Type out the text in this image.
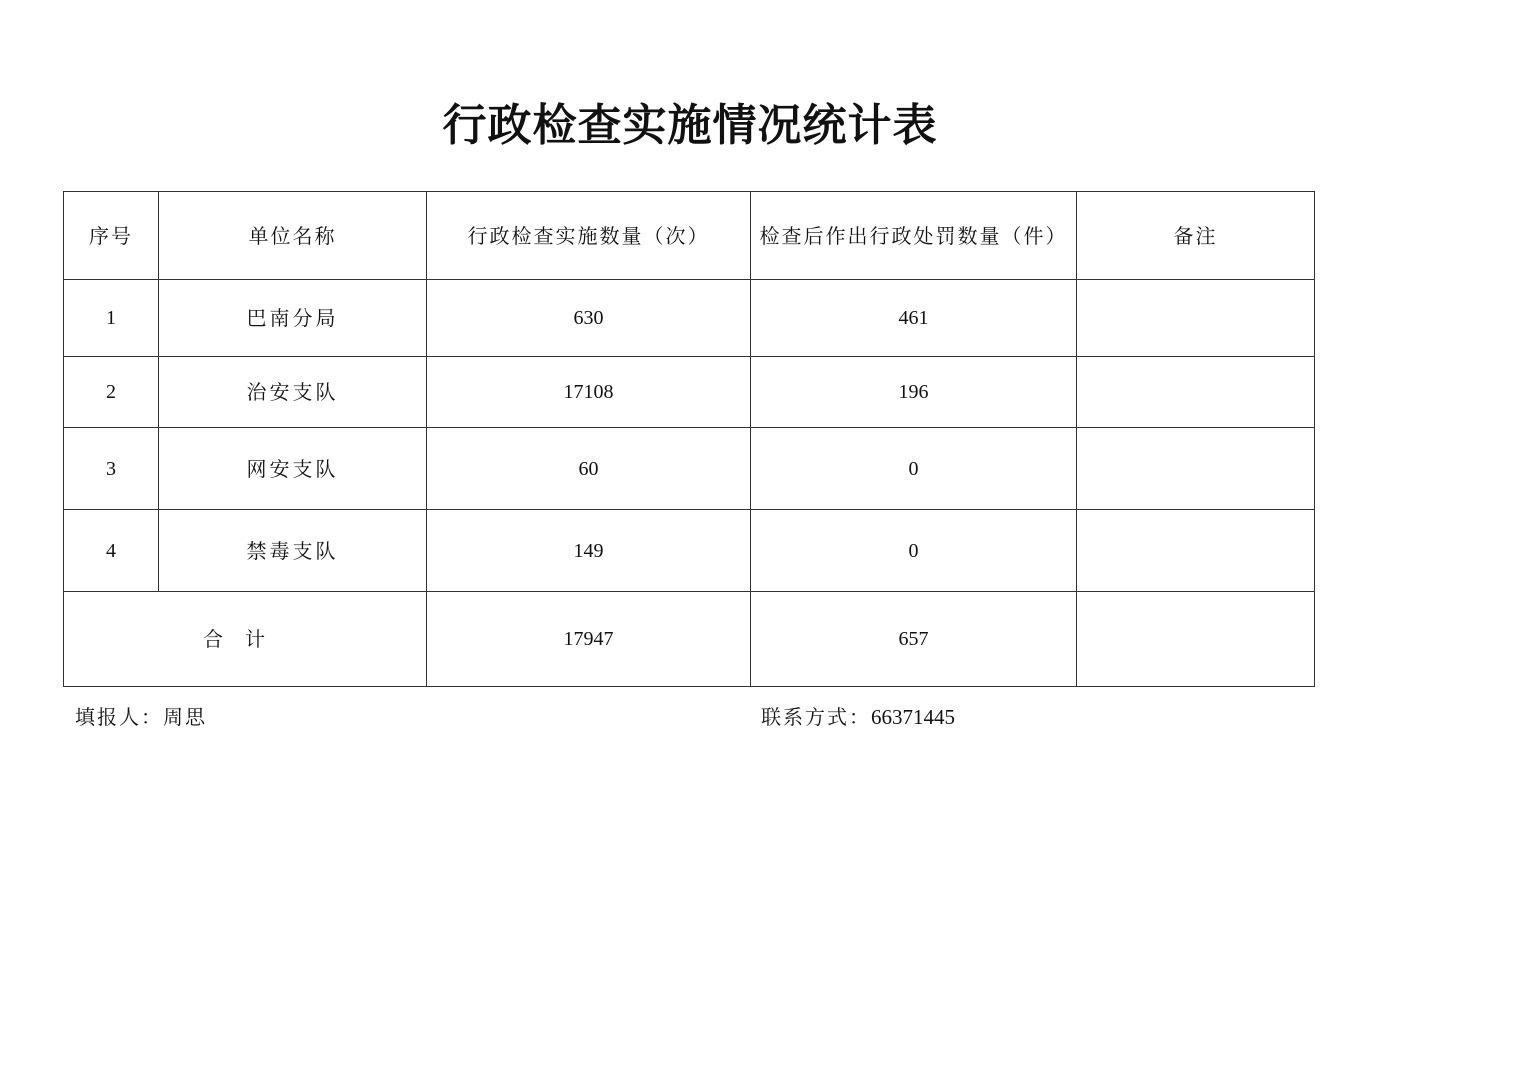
行政检查实施情况统计表
序号	单位名称	行政检查实施数量（次）	检查后作出行政处罚数量（件）	备注
1	巴南分局	630	461	
2	治安支队	17108	196	
3	网安支队	60	0	
4	禁毒支队	149	0	
合计		17947	657	
填报人：周思	联系方式：66371445
